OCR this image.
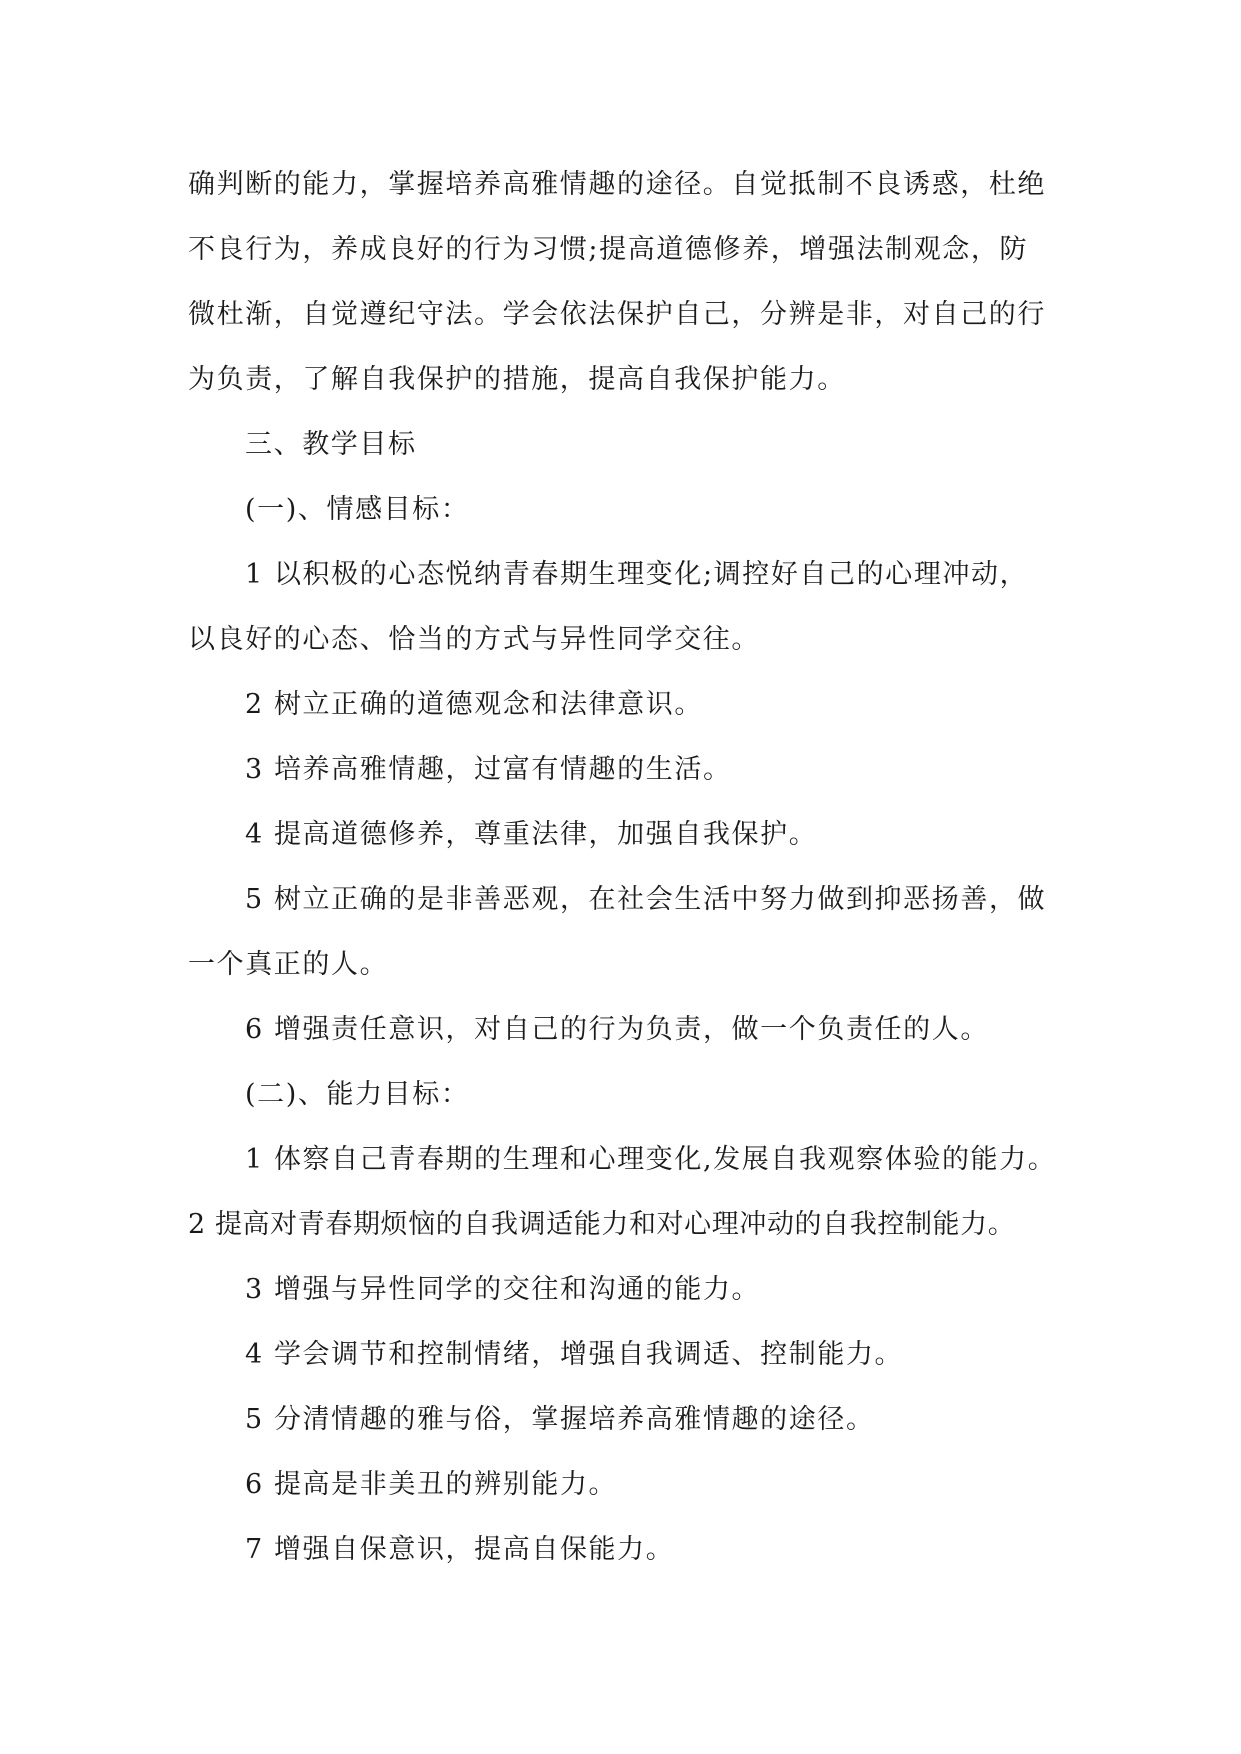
确判断的能力，掌握培养高雅情趣的途径。自觉抵制不良诱惑，杜绝
不良行为，养成良好的行为习惯;提高道德修养，增强法制观念，防
微杜渐，自觉遵纪守法。学会依法保护自己，分辨是非，对自己的行
为负责，了解自我保护的措施，提高自我保护能力。
三、教学目标
(一)、情感目标：
1 以积极的心态悦纳青春期生理变化;调控好自己的心理冲动，
以良好的心态、恰当的方式与异性同学交往。
2 树立正确的道德观念和法律意识。
3 培养高雅情趣，过富有情趣的生活。
4 提高道德修养，尊重法律，加强自我保护。
5 树立正确的是非善恶观，在社会生活中努力做到抑恶扬善，做
一个真正的人。
6 增强责任意识，对自己的行为负责，做一个负责任的人。
(二)、能力目标：
1 体察自己青春期的生理和心理变化,发展自我观察体验的能力。
2 提高对青春期烦恼的自我调适能力和对心理冲动的自我控制能力。
3 增强与异性同学的交往和沟通的能力。
4 学会调节和控制情绪，增强自我调适、控制能力。
5 分清情趣的雅与俗，掌握培养高雅情趣的途径。
6 提高是非美丑的辨别能力。
7 增强自保意识，提高自保能力。
